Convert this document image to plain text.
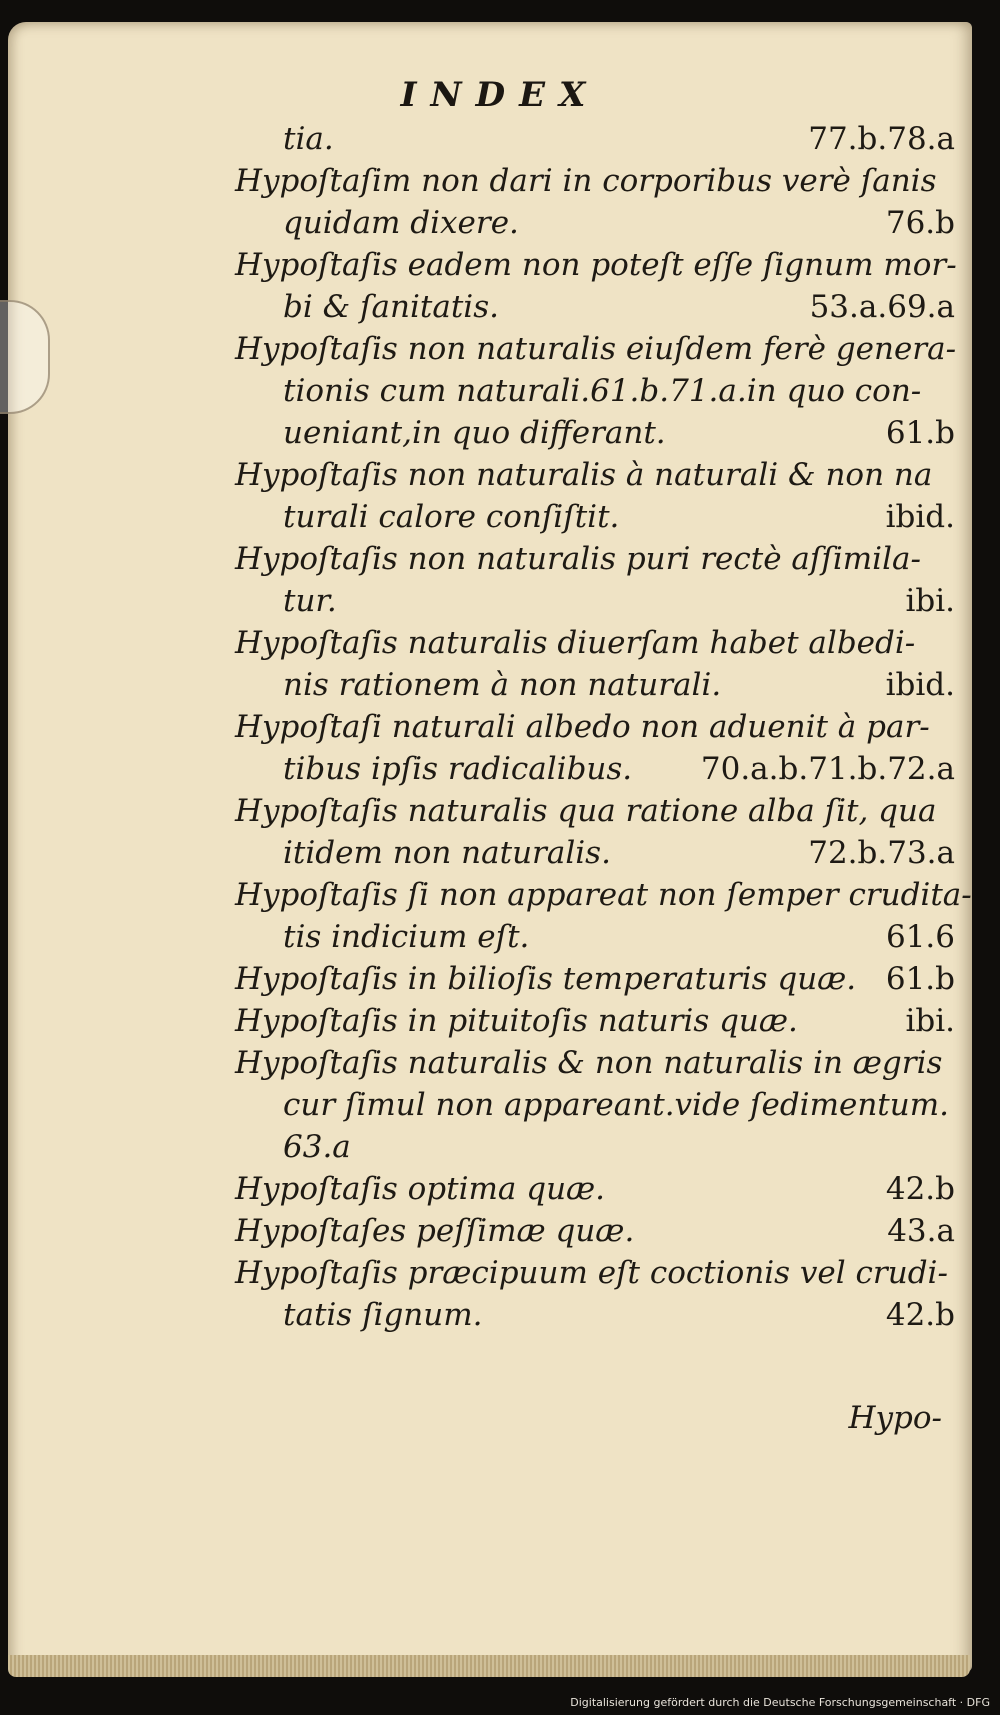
INDEX
tia.	77.b.78.a
Hypoſtaſim non dari in corporibus verè ſanis
quidam dixere.	76.b
Hypoſtaſis eadem non poteſt eſſe ſignum mor-
bi & ſanitatis.	53.a.69.a
Hypoſtaſis non naturalis eiuſdem ferè genera-
tionis cum naturali.61.b.71.a.in quo con-
ueniant,in quo differant.	61.b
Hypoſtaſis non naturalis à naturali & non na
turali calore conſiſtit.	ibid.
Hypoſtaſis non naturalis puri rectè aſſimila-
tur.	ibi.
Hypoſtaſis naturalis diuerſam habet albedi-
nis rationem à non naturali.	ibid.
Hypoſtaſi naturali albedo non aduenit à par-
tibus ipſis radicalibus. 70.a.b.71.b.72.a
Hypoſtaſis naturalis qua ratione alba ſit, qua
itidem non naturalis.	72.b.73.a
Hypoſtaſis ſi non appareat non ſemper crudita-
tis indicium eſt.	61.6
Hypoſtaſis in bilioſis temperaturis quæ. 61.b
Hypoſtaſis in pituitoſis naturis quæ.	ibi.
Hypoſtaſis naturalis & non naturalis in ægris
cur ſimul non appareant.vide ſedimentum.
63.a
Hypoſtaſis optima quæ.	42.b
Hypoſtaſes peſſimæ quæ.	43.a
Hypoſtaſis præcipuum eſt coctionis vel crudi-
tatis ſignum.	42.b
Hypo-
Digitalisierung gefördert durch die Deutsche Forschungsgemeinschaft · DFG
